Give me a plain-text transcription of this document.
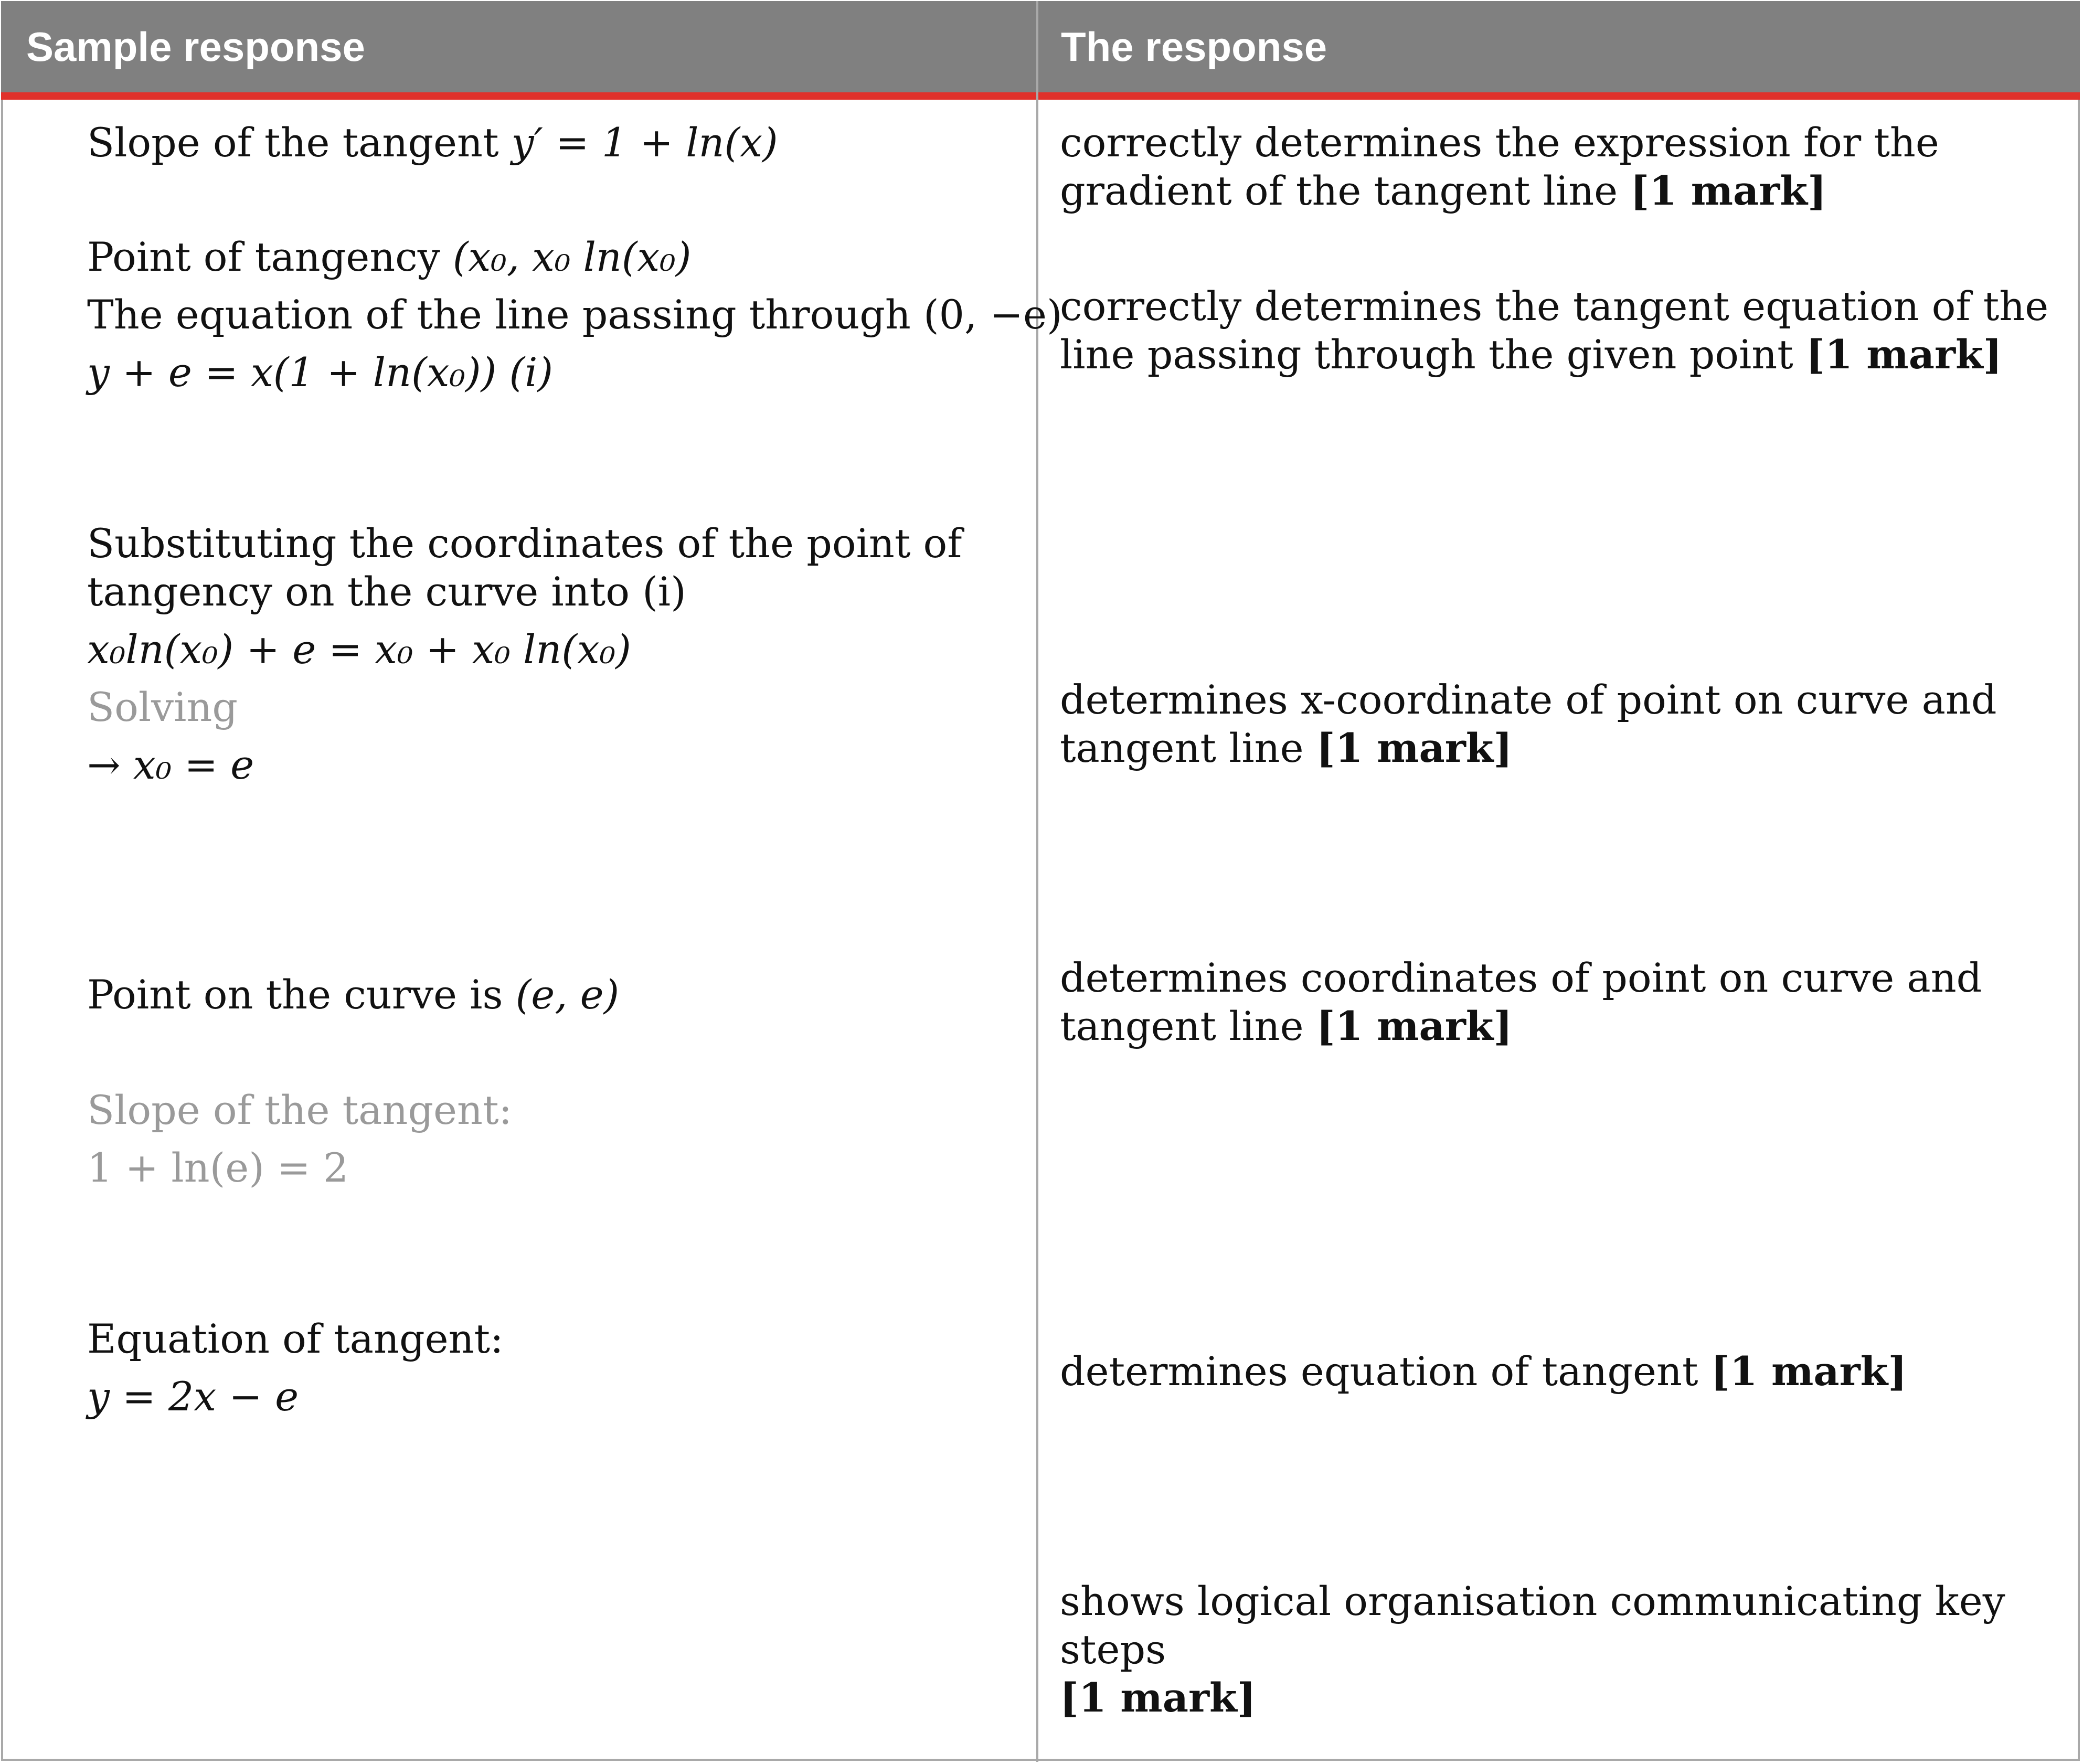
Sample response	The response
Slope of the tangent y′ = 1 + ln(x)
Point of tangency (x₀, x₀ ln(x₀)
The equation of the line passing through (0, −e)
y + e = x(1 + ln(x₀)) (i)
Substituting the coordinates of the point of
tangency on the curve into (i)
x₀ln(x₀) + e = x₀ + x₀ ln(x₀)
Solving
→ x₀ = e
Point on the curve is (e, e)
Slope of the tangent:
1 + ln(e) = 2
Equation of tangent:
y = 2x − e
correctly determines the expression for the gradient of the tangent line [1 mark]
correctly determines the tangent equation of the line passing through the given point [1 mark]
determines x-coordinate of point on curve and tangent line [1 mark]
determines coordinates of point on curve and tangent line [1 mark]
determines equation of tangent [1 mark]
shows logical organisation communicating key steps
[1 mark]
